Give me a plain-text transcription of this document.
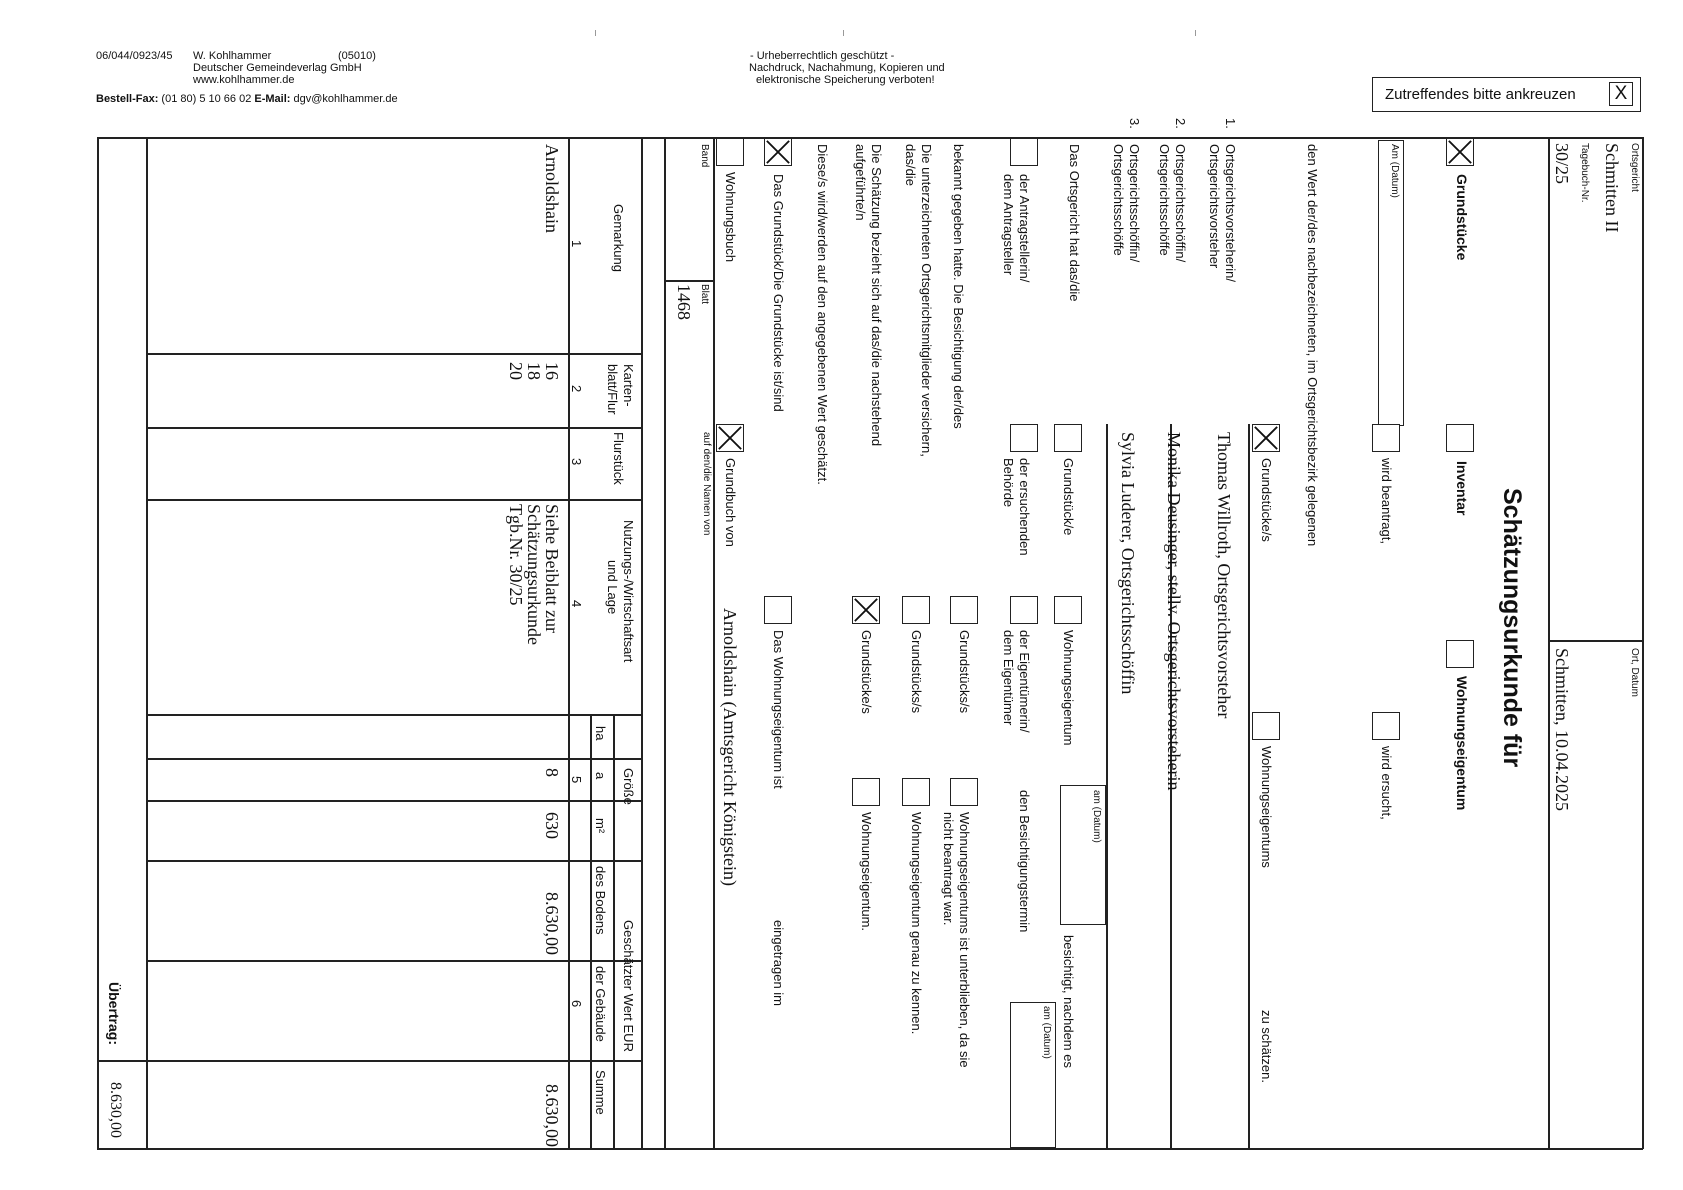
06/044/0923/45 W. Kohlhammer	(05010)
Deutscher Gemeindeverlag GmbH
www.kohlhammer.de
Bestell-Fax: (01 80) 5 10 66 02 E-Mail: dgv@kohlhammer.de
- Urheberrechtlich geschützt -
Nachdruck, Nachahmung, Kopieren und
elektronische Speicherung verboten!
Zutreffendes bitte ankreuzen X
Ortsgericht
Schmitten II
Tagebuch-Nr.
30/25
Ort, Datum
Schmitten, 10.04.2025
Schätzungsurkunde für
Grundstücke
Inventar
Wohnungseigentum
Am (Datum)
wird beantragt,
wird ersucht,
den Wert der/des nachbezeichneten, im Ortsgerichtsbezirk gelegenen
Grundstücke/s
Wohnungseigentums
zu schätzen.
1.
Ortsgerichtsvorsteherin/
Ortsgerichtsvorsteher
Thomas Willroth, Ortsgerichtsvorsteher
2.
Ortsgerichtsschöffin/
Ortsgerichtsschöffe
Monika Deusinger, stellv. Ortsgerichtsvorsteherin
3.
Ortsgerichtsschöffin/
Ortsgerichtsschöffe
Sylvia Luderer, Ortsgerichtsschöffin
Das Ortsgericht hat das/die
Grundstück/e
Wohnungseigentum
am (Datum)
besichtigt, nachdem es
der Antragstellerin/
dem Antragsteller
der ersuchenden
Behörde
der Eigentümerin/
dem Eigentümer
den Besichtigungstermin
am (Datum)
bekannt gegeben hatte. Die Besichtigung der/des
Grundstücks/s
Wohnungseigentums ist unterblieben, da sie
nicht beantragt war.
Die unterzeichneten Ortsgerichtsmitglieder versichern,
das/die
Grundstücks/s
Wohnungseigentum genau zu kennen.
Die Schätzung bezieht sich auf das/die nachstehend
aufgeführte/n
Grundstücke/s
Wohnungseigentum.
Diese/s wird/werden auf den angegebenen Wert geschätzt.
Das Grundstück/Die Grundstücke ist/sind
Das Wohnungseigentum ist
eingetragen im
Wohnungsbuch
Grundbuch von
auf den/die Namen von
Arnoldshain (Amtsgericht Königstein)
Band
Blatt
1468
Gemarkung
Karten-
blatt/Flur
Flurstück
Nutzungs-/Wirtschaftsart
und Lage
Größe
ha
a
m²
Geschätzter Wert EUR
des Bodens
der Gebäude
Summe
1
2
3
4
5
6
Arnoldshain
16
18
20
Siehe Beiblatt zur
Schätzungsurkunde
Tgb.Nr. 30/25
8
630
8.630,00
8.630,00
Übertrag:
8.630,00
